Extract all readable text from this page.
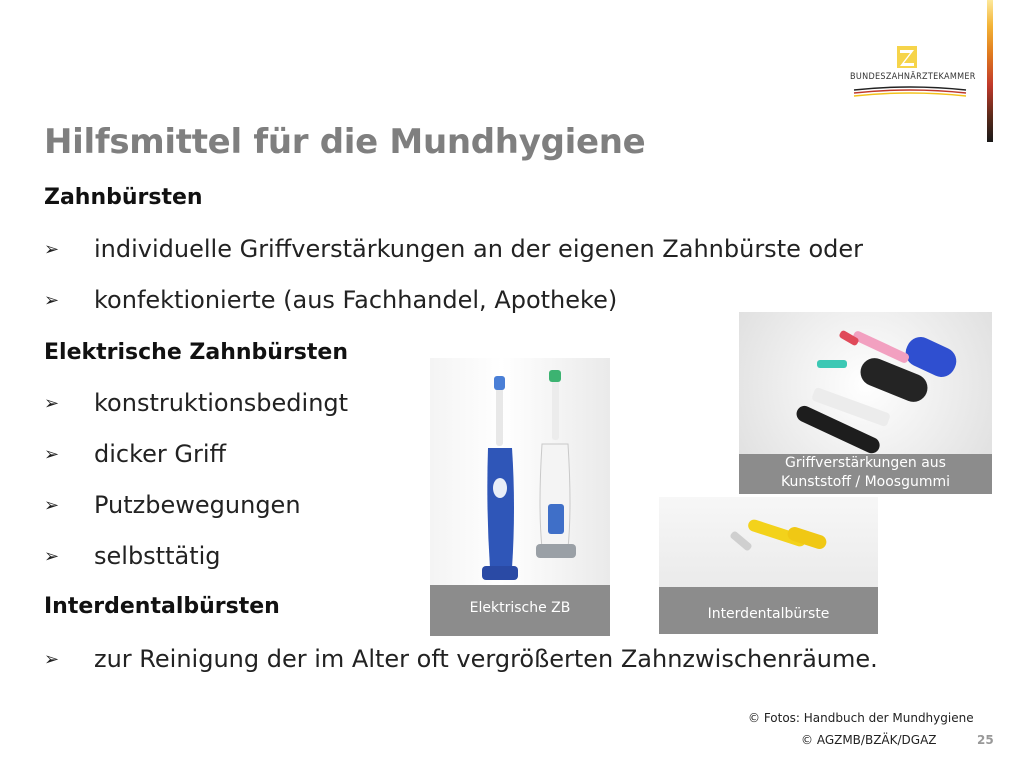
BUNDESZAHNÄRZTEKAMMER
Hilfsmittel für die Mundhygiene
Zahnbürsten
➢	individuelle Griffverstärkungen an der eigenen Zahnbürste oder
➢	konfektionierte (aus Fachhandel, Apotheke)
Elektrische Zahnbürsten
➢	konstruktionsbedingt
➢	dicker Griff
➢	Putzbewegungen
➢	selbsttätig
Interdentalbürsten
➢	zur Reinigung der im Alter oft vergrößerten Zahnzwischenräume.
Elektrische ZB
Griffverstärkungen aus
Kunststoff / Moosgummi
Interdentalbürste
© Fotos: Handbuch der Mundhygiene
© AGZMB/BZÄK/DGAZ	25
